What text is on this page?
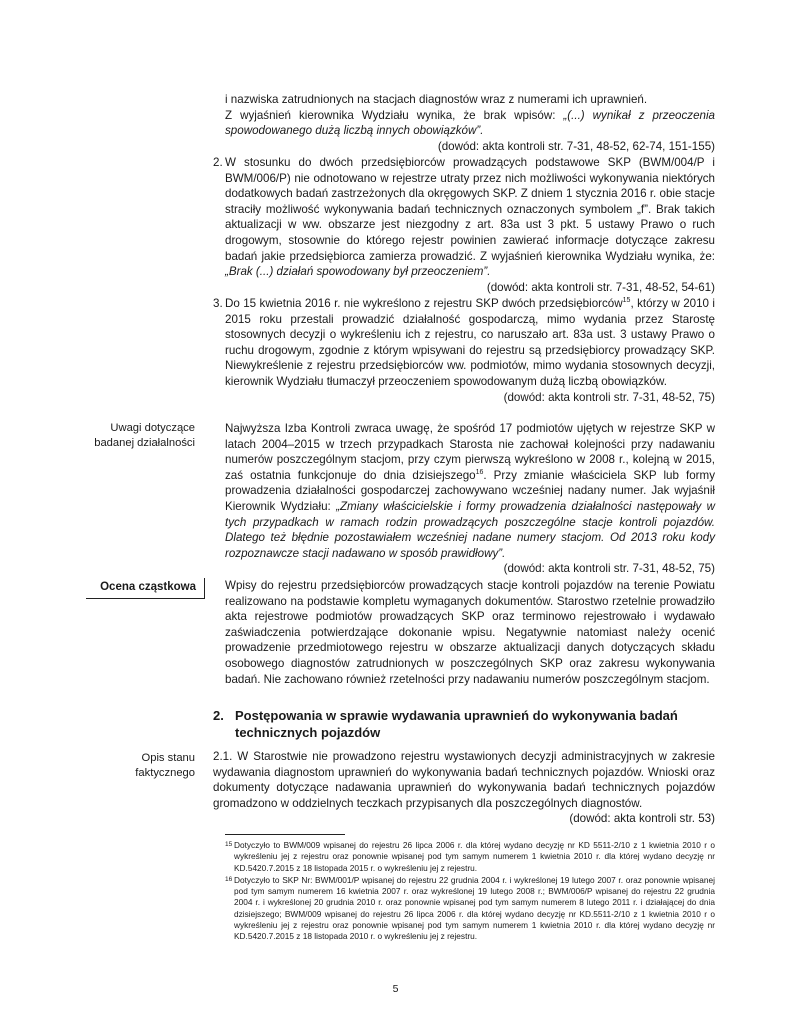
i nazwiska zatrudnionych na stacjach diagnostów wraz z numerami ich uprawnień.
Z wyjaśnień kierownika Wydziału wynika, że brak wpisów: „(...) wynikał z przeoczenia spowodowanego dużą liczbą innych obowiązków”.
(dowód: akta kontroli str. 7-31, 48-52, 62-74, 151-155)
2. W stosunku do dwóch przedsiębiorców prowadzących podstawowe SKP (BWM/004/P i BWM/006/P) nie odnotowano w rejestrze utraty przez nich możliwości wykonywania niektórych dodatkowych badań zastrzeżonych dla okręgowych SKP. Z dniem 1 stycznia 2016 r. obie stacje straciły możliwość wykonywania badań technicznych oznaczonych symbolem „f”. Brak takich aktualizacji w ww. obszarze jest niezgodny z art. 83a ust 3 pkt. 5 ustawy Prawo o ruch drogowym, stosownie do którego rejestr powinien zawierać informacje dotyczące zakresu badań jakie przedsiębiorca zamierza prowadzić. Z wyjaśnień kierownika Wydziału wynika, że: „Brak (...) działań spowodowany był przeoczeniem”.
(dowód: akta kontroli str. 7-31, 48-52, 54-61)
3. Do 15 kwietnia 2016 r. nie wykreślono z rejestru SKP dwóch przedsiębiorców$^{15}$, którzy w 2010 i 2015 roku przestali prowadzić działalność gospodarczą, mimo wydania przez Starostę stosownych decyzji o wykreśleniu ich z rejestru, co naruszało art. 83a ust. 3 ustawy Prawo o ruchu drogowym, zgodnie z którym wpisywani do rejestru są przedsiębiorcy prowadzący SKP. Niewykreślenie z rejestru przedsiębiorców ww. podmiotów, mimo wydania stosownych decyzji, kierownik Wydziału tłumaczył przeoczeniem spowodowanym dużą liczbą obowiązków.
(dowód: akta kontroli str. 7-31, 48-52, 75)
Uwagi dotyczące
badanej działalności
Najwyższa Izba Kontroli zwraca uwagę, że spośród 17 podmiotów ujętych w rejestrze SKP w latach 2004–2015 w trzech przypadkach Starosta nie zachował kolejności przy nadawaniu numerów poszczególnym stacjom, przy czym pierwszą wykreślono w 2008 r., kolejną w 2015, zaś ostatnia funkcjonuje do dnia dzisiejszego$^{16}$. Przy zmianie właściciela SKP lub formy prowadzenia działalności gospodarczej zachowywano wcześniej nadany numer. Jak wyjaśnił Kierownik Wydziału: „Zmiany właścicielskie i formy prowadzenia działalności następowały w tych przypadkach w ramach rodzin prowadzących poszczególne stacje kontroli pojazdów. Dlatego też błędnie pozostawiałem wcześniej nadane numery stacjom. Od 2013 roku kody rozpoznawcze stacji nadawano w sposób prawidłowy”.
(dowód: akta kontroli str. 7-31, 48-52, 75)
Ocena cząstkowa	Wpisy do rejestru przedsiębiorców prowadzących stacje kontroli pojazdów na terenie Powiatu realizowano na podstawie kompletu wymaganych dokumentów. Starostwo rzetelnie prowadziło akta rejestrowe podmiotów prowadzących SKP oraz terminowo rejestrowało i wydawało zaświadczenia potwierdzające dokonanie wpisu. Negatywnie natomiast należy ocenić prowadzenie przedmiotowego rejestru w obszarze aktualizacji danych dotyczących składu osobowego diagnostów zatrudnionych w poszczególnych SKP oraz zakresu wykonywania badań. Nie zachowano również rzetelności przy nadawaniu numerów poszczególnym stacjom.
2. Postępowania w sprawie wydawania uprawnień do wykonywania badań technicznych pojazdów
Opis stanu
faktycznego
2.1. W Starostwie nie prowadzono rejestru wystawionych decyzji administracyjnych w zakresie wydawania diagnostom uprawnień do wykonywania badań technicznych pojazdów. Wnioski oraz dokumenty dotyczące nadawania uprawnień do wykonywania badań technicznych pojazdów gromadzono w oddzielnych teczkach przypisanych dla poszczególnych diagnostów.
(dowód: akta kontroli str. 53)
15 Dotyczyło to BWM/009 wpisanej do rejestru 26 lipca 2006 r. dla której wydano decyzję nr KD 5511-2/10 z 1 kwietnia 2010 r o wykreśleniu jej z rejestru oraz ponownie wpisanej pod tym samym numerem 1 kwietnia 2010 r. dla której wydano decyzję nr KD.5420.7.2015 z 18 listopada 2015 r. o wykreśleniu jej z rejestru.
16 Dotyczyło to SKP Nr: BWM/001/P wpisanej do rejestru 22 grudnia 2004 r. i wykreślonej 19 lutego 2007 r. oraz ponownie wpisanej pod tym samym numerem 16 kwietnia 2007 r. oraz wykreślonej 19 lutego 2008 r.; BWM/006/P wpisanej do rejestru 22 grudnia 2004 r. i wykreślonej 20 grudnia 2010 r. oraz ponownie wpisanej pod tym samym numerem 8 lutego 2011 r. i działającej do dnia dzisiejszego; BWM/009 wpisanej do rejestru 26 lipca 2006 r. dla której wydano decyzję nr KD.5511-2/10 z 1 kwietnia 2010 r o wykreśleniu jej z rejestru oraz ponownie wpisanej pod tym samym numerem 1 kwietnia 2010 r. dla której wydano decyzję nr KD.5420.7.2015 z 18 listopada 2010 r. o wykreśleniu jej z rejestru.
5
